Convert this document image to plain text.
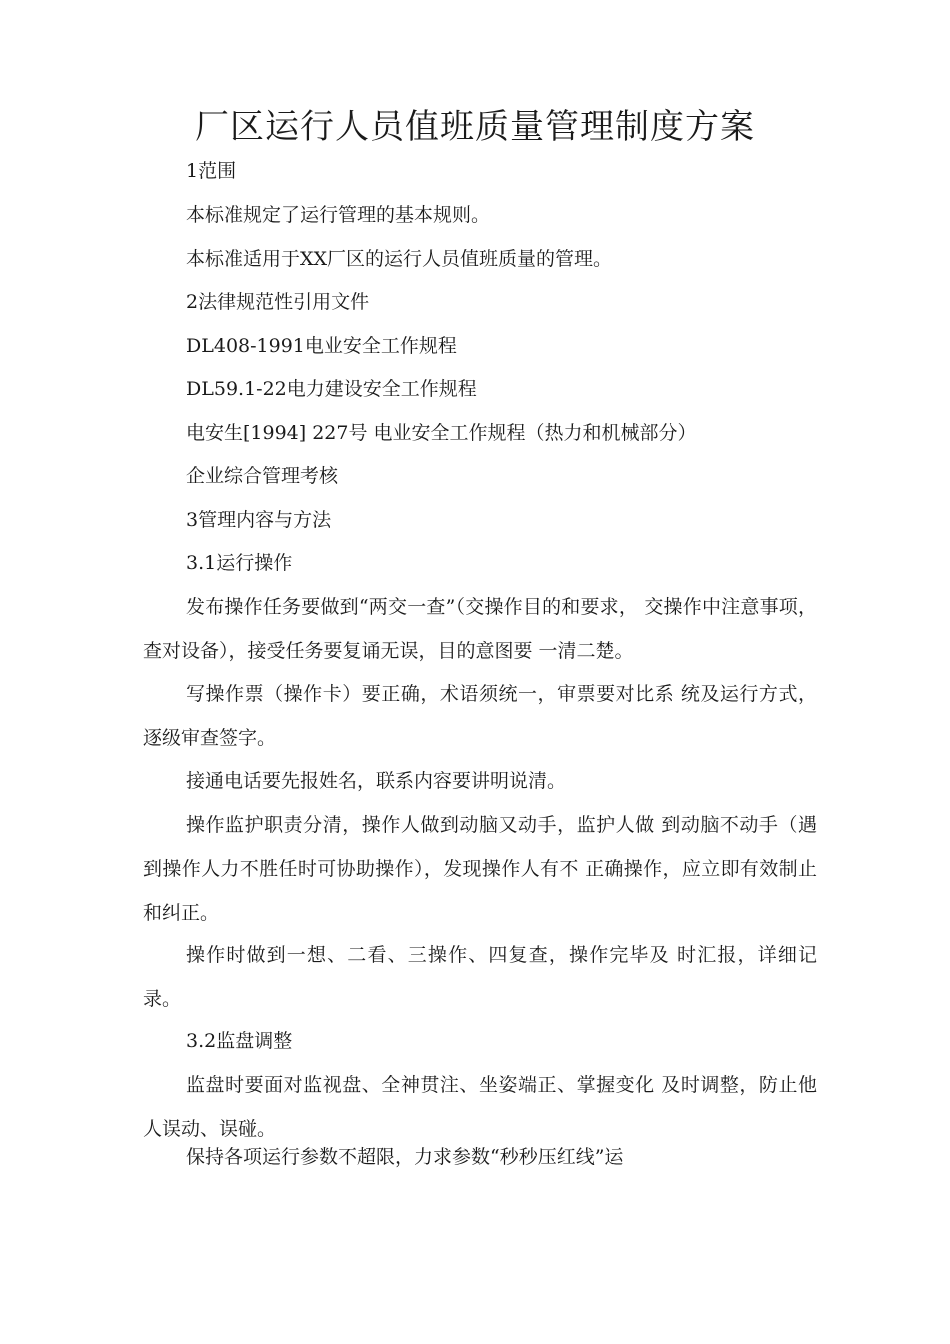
厂区运行人员值班质量管理制度方案

1范围

本标准规定了运行管理的基本规则。

本标准适用于XX厂区的运行人员值班质量的管理。

2法律规范性引用文件

DL408-1991电业安全工作规程

DL59.1-22电力建设安全工作规程

电安生[1994] 227号 电业安全工作规程（热力和机械部分）

企业综合管理考核

3管理内容与方法

3.1运行操作

发布操作任务要做到“两交一查”（交操作目的和要求， 交操作中注意事项，查对设备），接受任务要复诵无误，目的意图要 一清二楚。

写操作票（操作卡）要正确，术语须统一，审票要对比系 统及运行方式，逐级审查签字。

接通电话要先报姓名，联系内容要讲明说清。

操作监护职责分清，操作人做到动脑又动手，监护人做 到动脑不动手（遇到操作人力不胜任时可协助操作），发现操作人有不 正确操作，应立即有效制止和纠正。

操作时做到一想、二看、三操作、四复查，操作完毕及 时汇报，详细记录。

3.2监盘调整

监盘时要面对监视盘、全神贯注、坐姿端正、掌握变化 及时调整，防止他人误动、误碰。

保持各项运行参数不超限，力求参数“秒秒压红线”运
